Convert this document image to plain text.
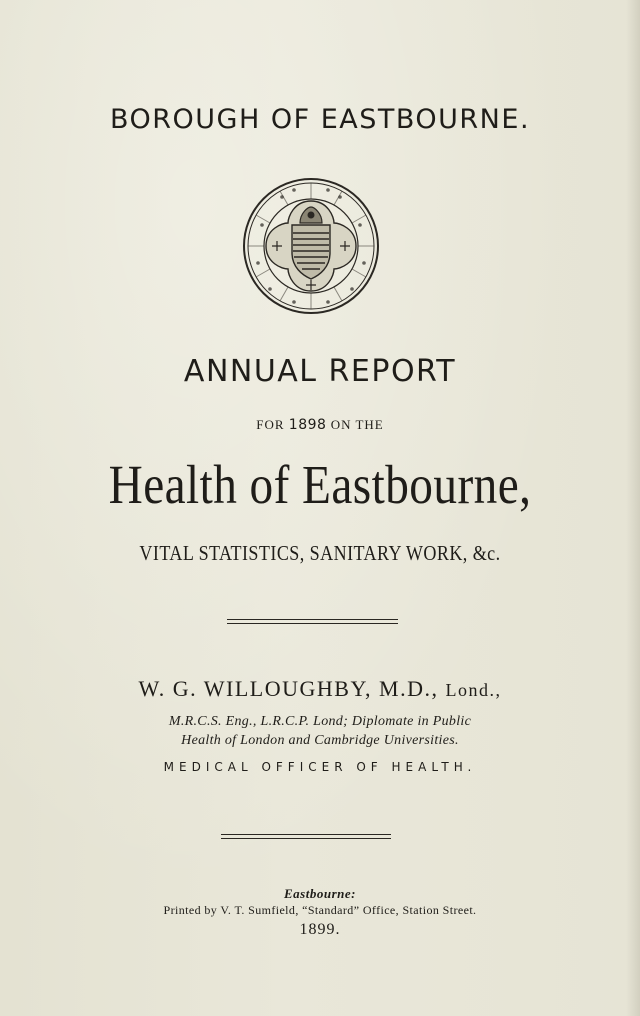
BOROUGH OF EASTBOURNE.
ANNUAL REPORT
FOR 1898 ON THE
Health of Eastbourne,
VITAL STATISTICS, SANITARY WORK, &c.
W. G. WILLOUGHBY, M.D., Lond.,
M.R.C.S. Eng., L.R.C.P. Lond; Diplomate in Public
Health of London and Cambridge Universities.
MEDICAL OFFICER OF HEALTH.
Eastbourne:
Printed by V. T. Sumfield, “Standard” Office, Station Street.
1899.
